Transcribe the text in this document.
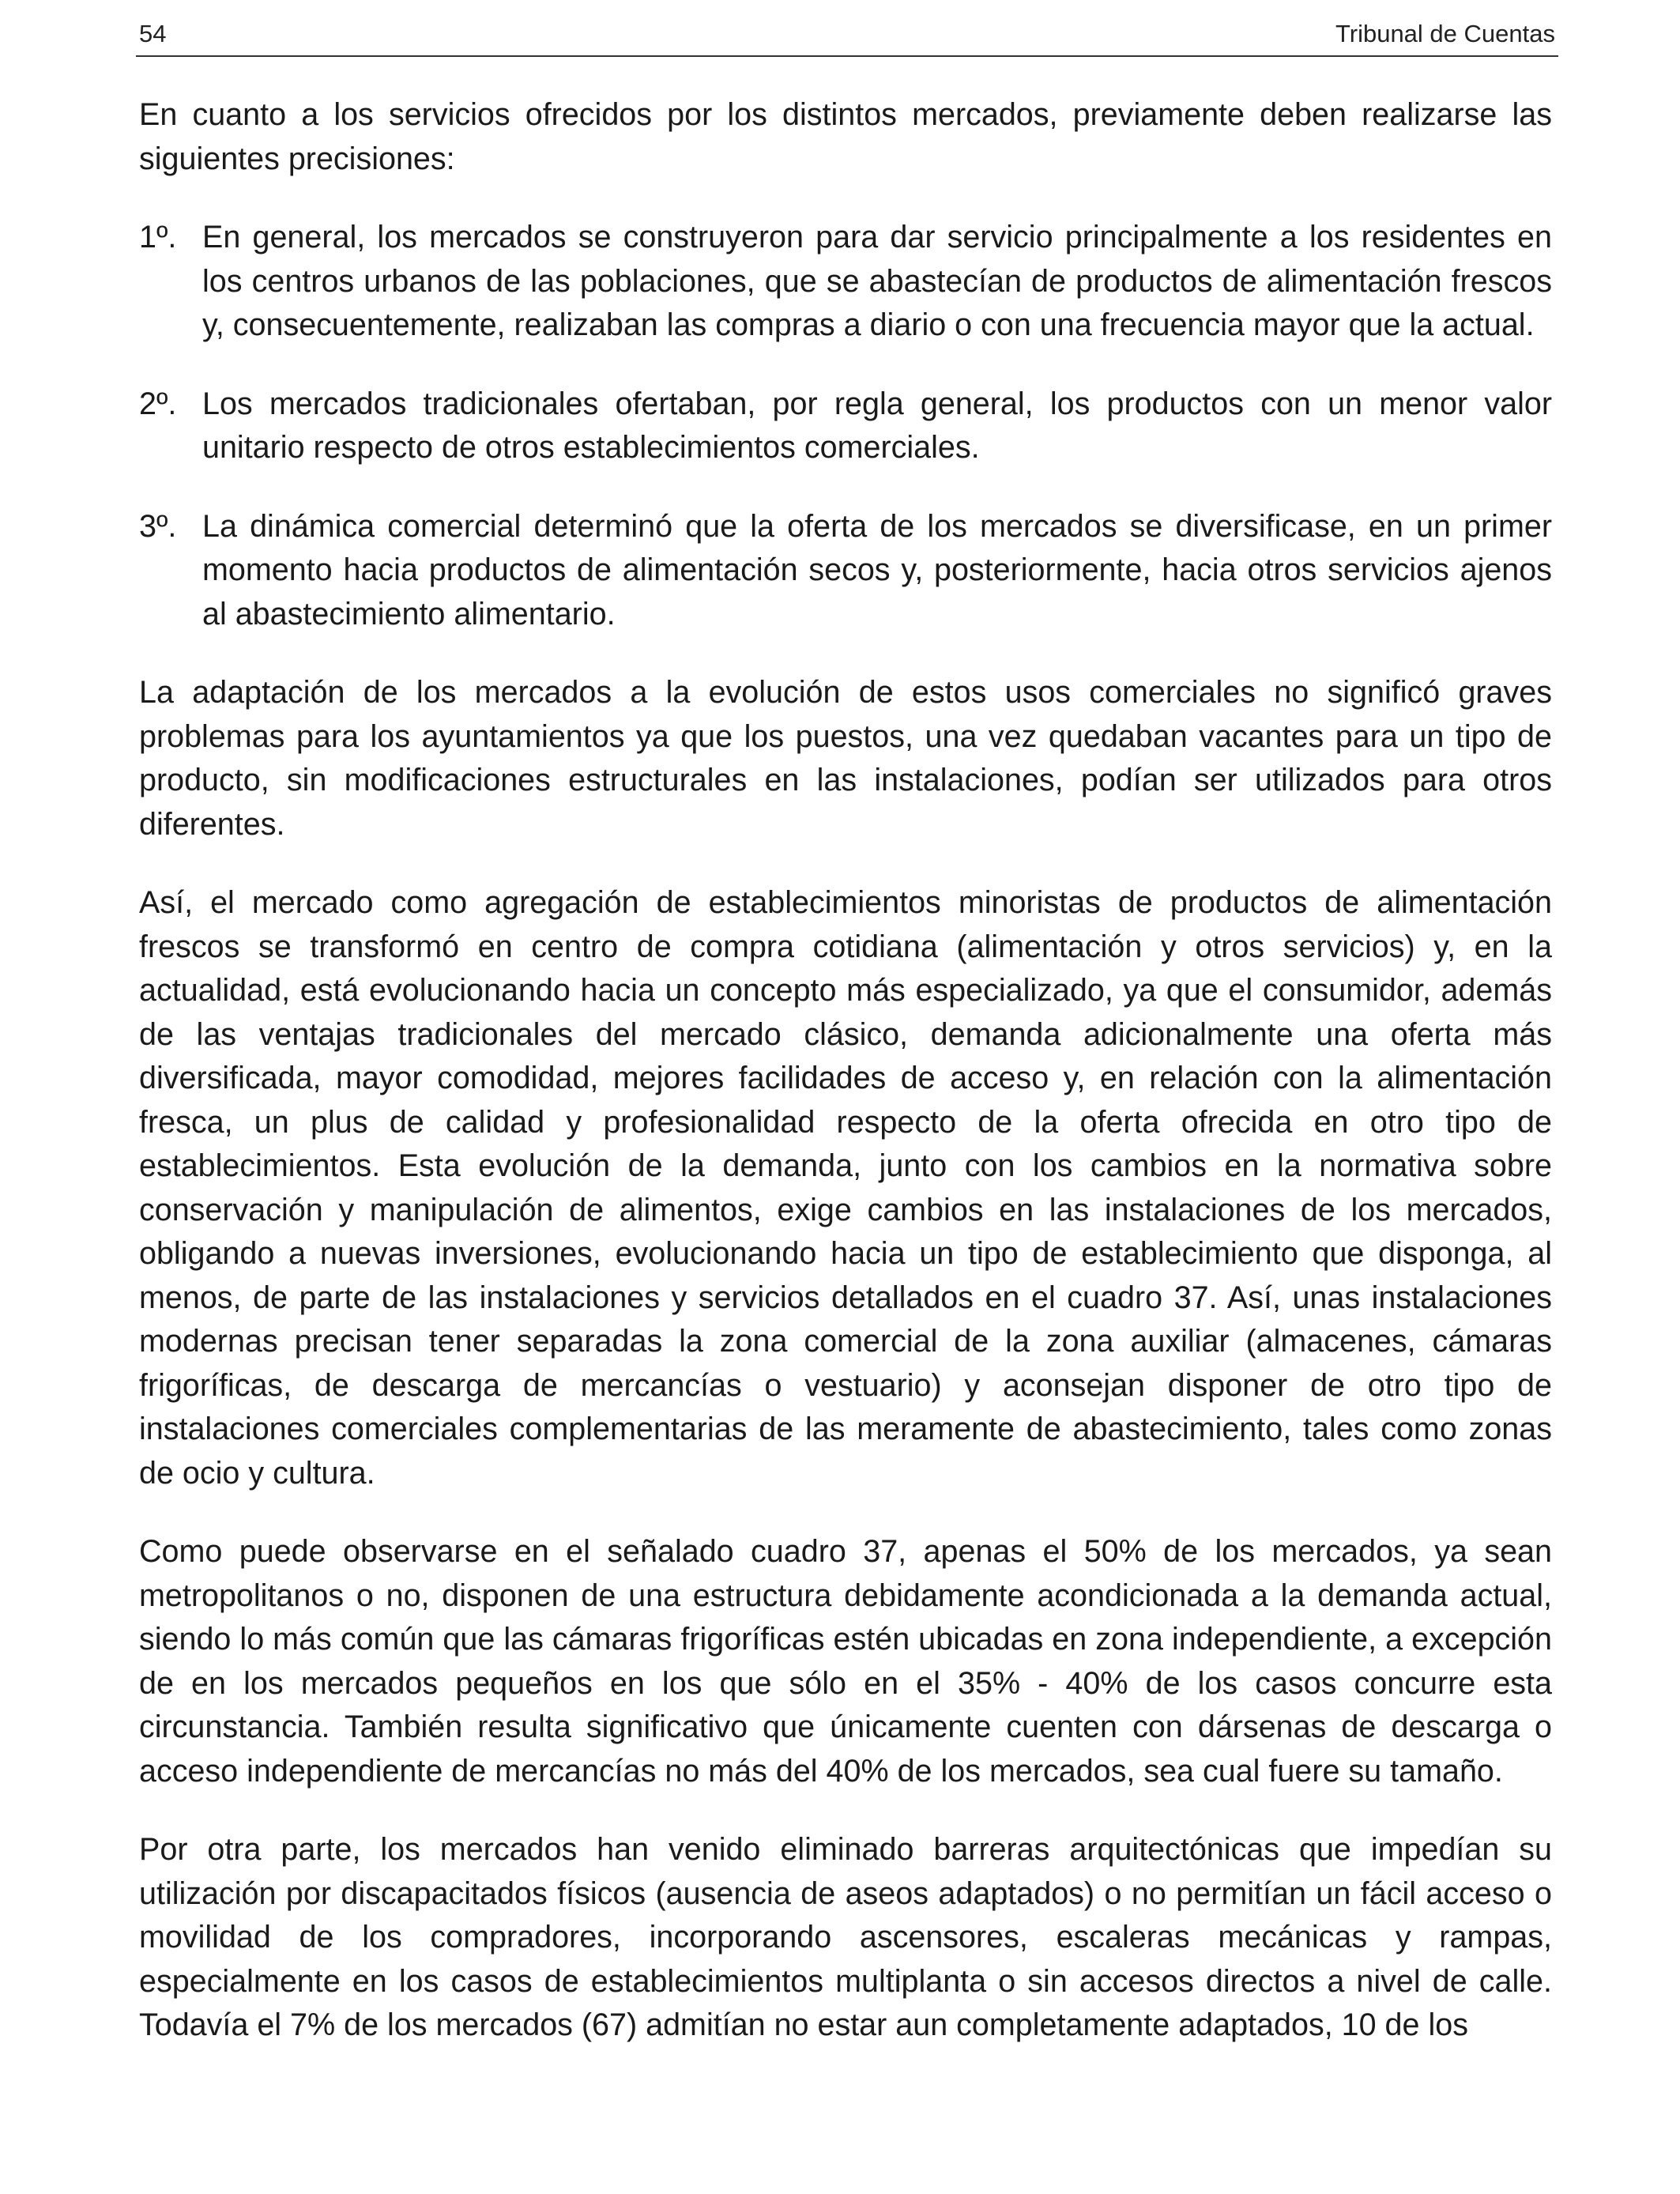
54	Tribunal de Cuentas

En cuanto a los servicios ofrecidos por los distintos mercados, previamente deben realizarse las siguientes precisiones:

1º. En general, los mercados se construyeron para dar servicio principalmente a los residentes en los centros urbanos de las poblaciones, que se abastecían de productos de alimentación frescos y, consecuentemente, realizaban las compras a diario o con una frecuencia mayor que la actual.
2º. Los mercados tradicionales ofertaban, por regla general, los productos con un menor valor unitario respecto de otros establecimientos comerciales.
3º. La dinámica comercial determinó que la oferta de los mercados se diversificase, en un primer momento hacia productos de alimentación secos y, posteriormente, hacia otros servicios ajenos al abastecimiento alimentario.

La adaptación de los mercados a la evolución de estos usos comerciales no significó graves problemas para los ayuntamientos ya que los puestos, una vez quedaban vacantes para un tipo de producto, sin modificaciones estructurales en las instalaciones, podían ser utilizados para otros diferentes.

Así, el mercado como agregación de establecimientos minoristas de productos de alimentación frescos se transformó en centro de compra cotidiana (alimentación y otros servicios) y, en la actualidad, está evolucionando hacia un concepto más especializado, ya que el consumidor, además de las ventajas tradicionales del mercado clásico, demanda adicionalmente una oferta más diversificada, mayor comodidad, mejores facilidades de acceso y, en relación con la alimentación fresca, un plus de calidad y profesionalidad respecto de la oferta ofrecida en otro tipo de establecimientos. Esta evolución de la demanda, junto con los cambios en la normativa sobre conservación y manipulación de alimentos, exige cambios en las instalaciones de los mercados, obligando a nuevas inversiones, evolucionando hacia un tipo de establecimiento que disponga, al menos, de parte de las instalaciones y servicios detallados en el cuadro 37. Así, unas instalaciones modernas precisan tener separadas la zona comercial de la zona auxiliar (almacenes, cámaras frigoríficas, de descarga de mercancías o vestuario) y aconsejan disponer de otro tipo de instalaciones comerciales complementarias de las meramente de abastecimiento, tales como zonas de ocio y cultura.

Como puede observarse en el señalado cuadro 37, apenas el 50% de los mercados, ya sean metropolitanos o no, disponen de una estructura debidamente acondicionada a la demanda actual, siendo lo más común que las cámaras frigoríficas estén ubicadas en zona independiente, a excepción de en los mercados pequeños en los que sólo en el 35% - 40% de los casos concurre esta circunstancia. También resulta significativo que únicamente cuenten con dársenas de descarga o acceso independiente de mercancías no más del 40% de los mercados, sea cual fuere su tamaño.

Por otra parte, los mercados han venido eliminado barreras arquitectónicas que impedían su utilización por discapacitados físicos (ausencia de aseos adaptados) o no permitían un fácil acceso o movilidad de los compradores, incorporando ascensores, escaleras mecánicas y rampas, especialmente en los casos de establecimientos multiplanta o sin accesos directos a nivel de calle. Todavía el 7% de los mercados (67) admitían no estar aun completamente adaptados, 10 de los
